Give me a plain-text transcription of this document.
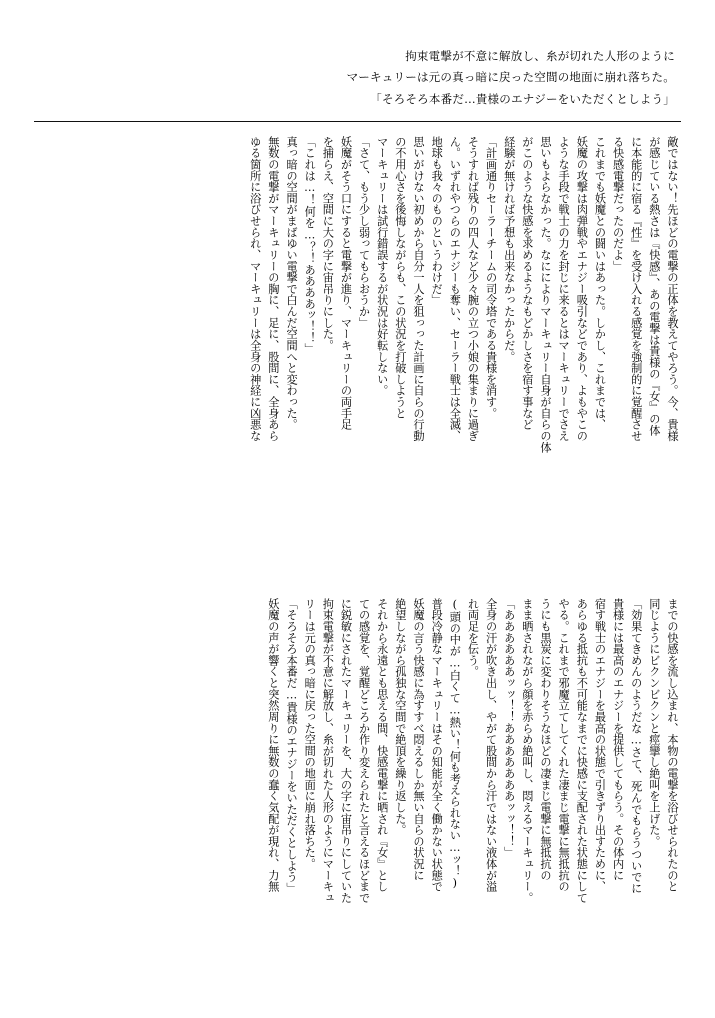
拘束電撃が不意に解放し、糸が切れた人形のように
マーキュリーは元の真っ暗に戻った空間の地面に崩れ落ちた。
「そろそろ本番だ…貴様のエナジーをいただくとしよう」

敵ではない！先ほどの電撃の正体を教えてやろう。今、貴様

が感じている熱さは『快感』、あの電撃は貴様の『女』の体

に本能的に宿る『性』を受け入れる感覚を強制的に覚醒させ

る快感電撃だったのだよ」

これまでも妖魔との闘いはあった。しかし、これまでは、

妖魔の攻撃は肉弾戦やエナジー吸引などであり、よもやこの

ような手段で戦士の力を封じに来るとはマーキュリーでさえ

思いもよらなかった。なにによりマーキュリー自身が自らの体

がこのような快感を求めるようなもどかしさを宿す事など

経験が無ければ予想も出来なかったからだ。

「計画通りセーラーチームの司令塔である貴様を消す。

そうすれば残りの四人など少々腕の立つ小娘の集まりに過ぎ

ん。いずれやつらのエナジーも奪い、セーラー戦士は全滅、

地球も我々のものというわけだ」

思いがけない初めから自分一人を狙っった計画に自らの行動

の不用心さを後悔しながらも、この状況を打破しようと

マーキュリーは試行錯誤するが状況は好転しない。

「さて、もう少し弱ってもらおうか」

妖魔がそう口にすると電撃が進り、マーキュリーの両手足

を捕らえ、空間に大の字に宙吊りにした。

「これは…！何を…？！ああああッ！！」

真っ暗の空間がまばゆい電撃で白んだ空間へと変わった。

無数の電撃がマーキュリーの胸に、足に、股間に、全身あら

ゆる箇所に浴びせられ、マーキュリーは全身の神経に凶悪な

までの快感を流し込まれ、本物の電撃を浴びせられたのと

同じようにビクンビクンと痙攣し絶叫を上げた。

「効果てきめんのようだな…さて、死んでもらうついでに

貴様には最高のエナジーを提供してもらう。その体内に

宿す戦士のエナジーを最高の状態で引きずり出すために、

あらゆる抵抗も不可能なまでに快感に支配された状態にして

やる。これまで邪魔立てしてくれた凄まじ電撃に無抵抗の

うにも黒炭に変わりそうなほどの凄まじ電撃に無抵抗の

まま晒されながら顔を赤らめ絶叫し、悶えるマーキュリー。

「ああああああッッ！！あああああああッッ！！」

全身の汗が吹き出し、やがて股間から汗ではない液体が溢

れ両足を伝う。

(頭の中が…白くて…熱い！何も考えられない…ッ！)

普段冷静なマーキュリーはその知能が全く働かない状態で

妖魔の言う快感に為すすべ悶えるしか無い自らの状況に

絶望しながら孤独な空間で絶頂を繰り返した。

それから永遠とも思える間、快感電撃に晒され『女』とし

ての感覚を、覚醒どころか作り変えられたと言えるほどまで

に鋭敏にされたマーキュリーを、大の字に宙吊りにしていた

拘束電撃が不意に解放し、糸が切れた人形のようにマーキュ

リーは元の真っ暗に戻った空間の地面に崩れ落ちた。

「そろそろ本番だ…貴様のエナジーをいただくとしよう」

妖魔の声が響くと突然周りに無数の蠢く気配が現れ、力無
